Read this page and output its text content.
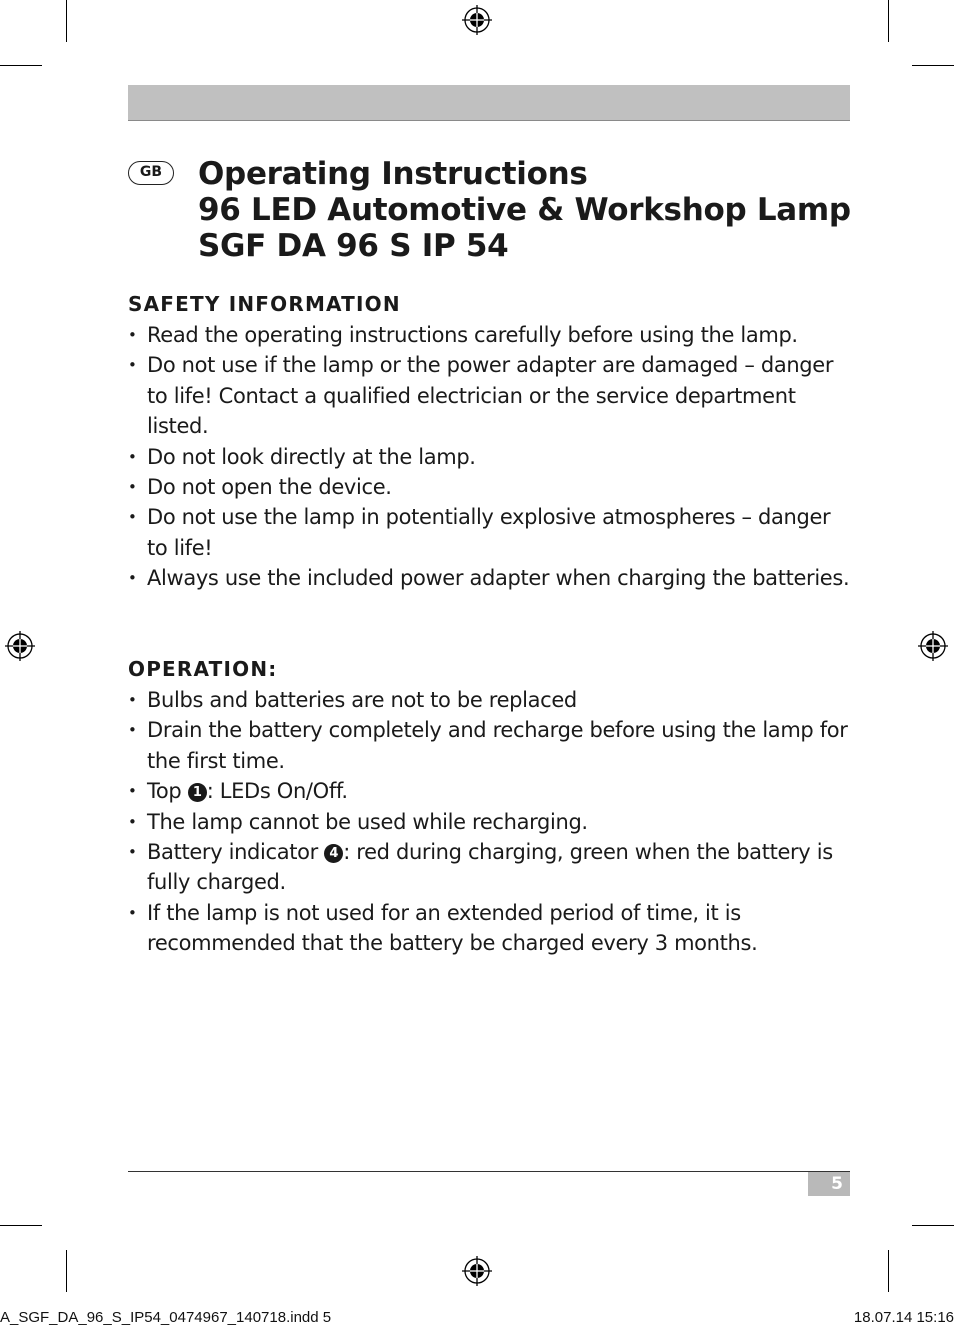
GB	Operating Instructions
96 LED Automotive & Workshop Lamp
SGF DA 96 S IP 54
SAFETY INFORMATION
• Read the operating instructions carefully before using the lamp.
• Do not use if the lamp or the power adapter are damaged – danger to life! Contact a qualified electrician or the service department listed.
• Do not look directly at the lamp.
• Do not open the device.
• Do not use the lamp in potentially explosive atmospheres – danger to life!
• Always use the included power adapter when charging the batteries.
OPERATION:
• Bulbs and batteries are not to be replaced
• Drain the battery completely and recharge before using the lamp for the first time.
• Top 1 : LEDs On/Off.
• The lamp cannot be used while recharging.
• Battery indicator 4 : red during charging, green when the battery is fully charged.
• If the lamp is not used for an extended period of time, it is recommended that the battery be charged every 3 months.
5
A_SGF_DA_96_S_IP54_0474967_140718.indd 5	18.07.14 15:16
